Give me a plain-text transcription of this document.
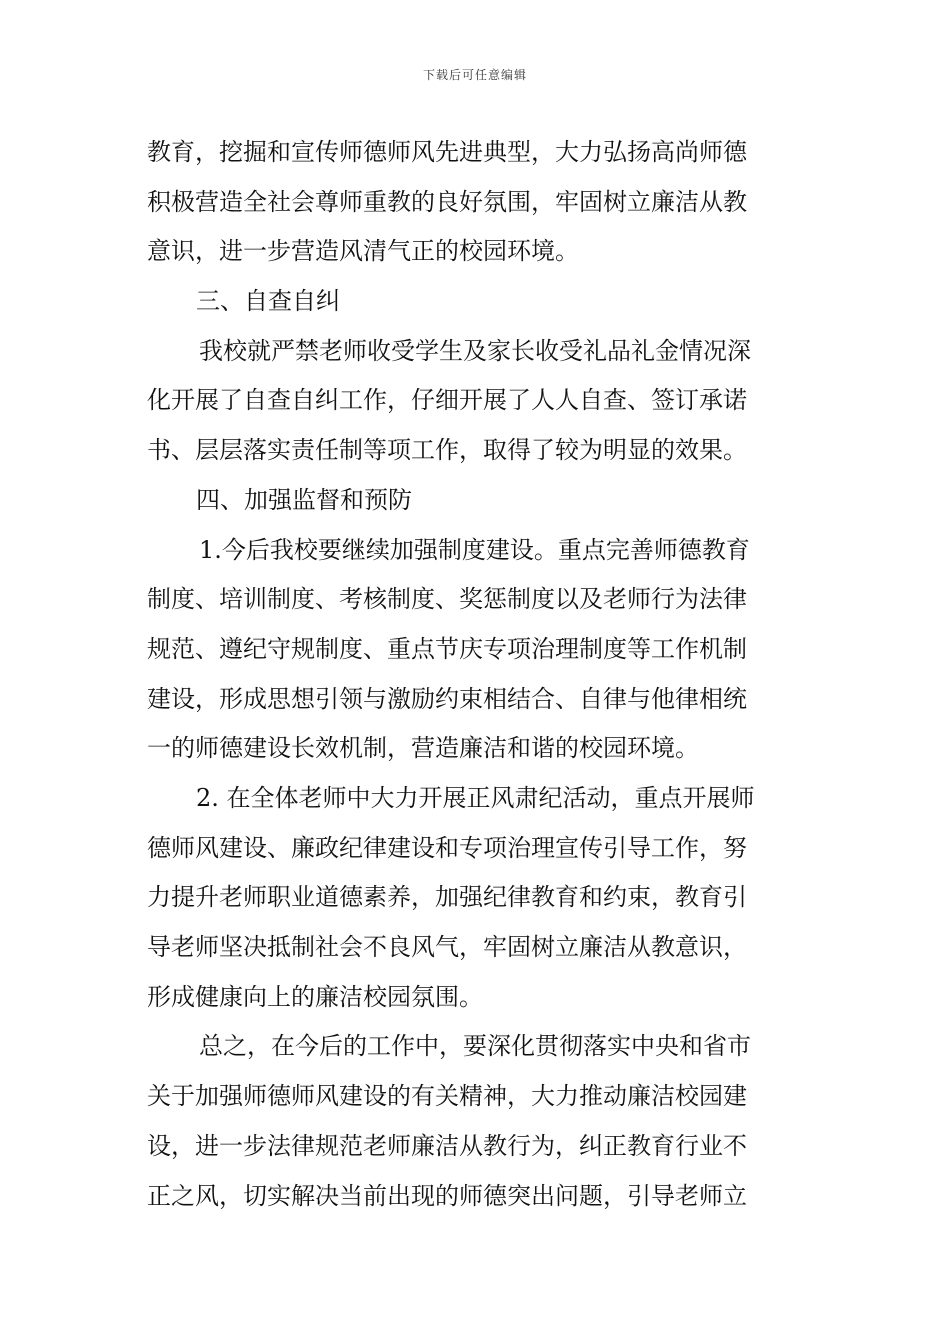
下载后可任意编辑
教育，挖掘和宣传师德师风先进典型，大力弘扬高尚师德
积极营造全社会尊师重教的良好氛围，牢固树立廉洁从教
意识，进一步营造风清气正的校园环境。
三、自查自纠
我校就严禁老师收受学生及家长收受礼品礼金情况深
化开展了自查自纠工作，仔细开展了人人自查、签订承诺
书、层层落实责任制等项工作，取得了较为明显的效果。
四、加强监督和预防
1.今后我校要继续加强制度建设。重点完善师德教育
制度、培训制度、考核制度、奖惩制度以及老师行为法律
规范、遵纪守规制度、重点节庆专项治理制度等工作机制
建设，形成思想引领与激励约束相结合、自律与他律相统
一的师德建设长效机制，营造廉洁和谐的校园环境。
2. 在全体老师中大力开展正风肃纪活动，重点开展师
德师风建设、廉政纪律建设和专项治理宣传引导工作，努
力提升老师职业道德素养，加强纪律教育和约束，教育引
导老师坚决抵制社会不良风气，牢固树立廉洁从教意识，
形成健康向上的廉洁校园氛围。
总之，在今后的工作中，要深化贯彻落实中央和省市
关于加强师德师风建设的有关精神，大力推动廉洁校园建
设，进一步法律规范老师廉洁从教行为，纠正教育行业不
正之风，切实解决当前出现的师德突出问题，引导老师立
